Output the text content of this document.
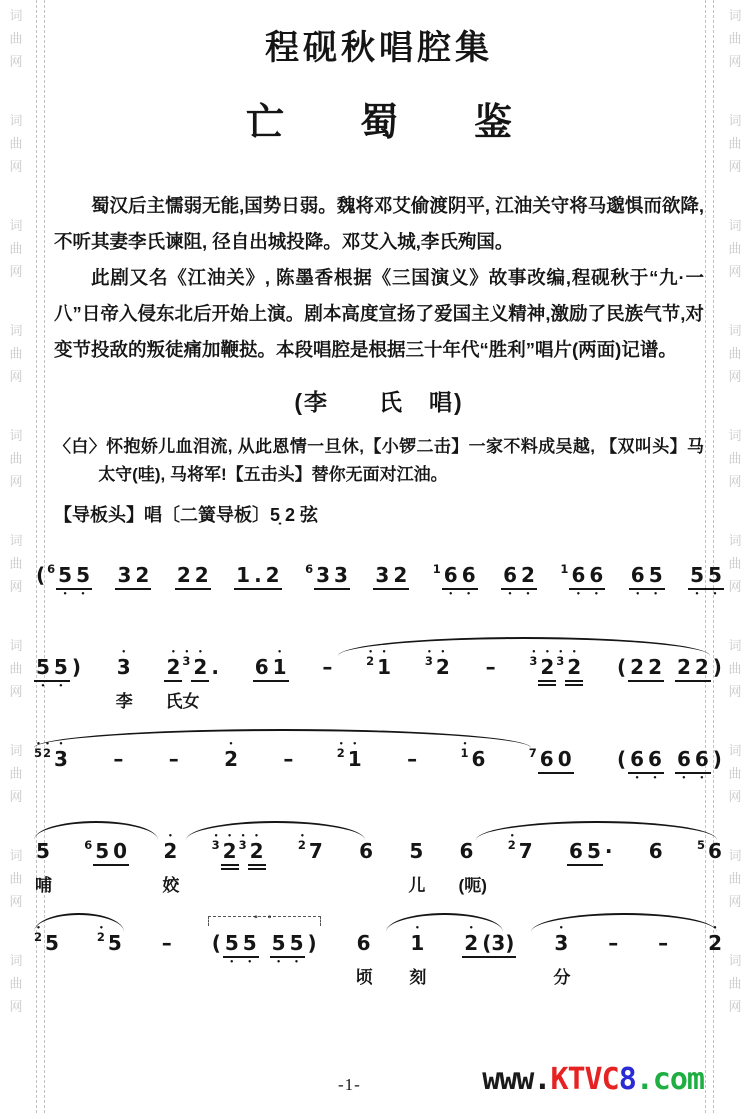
词
曲
网
词
曲
网
词
曲
网
词
曲
网
词
曲
网
词
曲
网
词
曲
网
词
曲
网
词
曲
网
词
曲
网
词
曲
网
词
曲
网
词
曲
网
词
曲
网
词
曲
网
词
曲
网
词
曲
网
词
曲
网
词
曲
网
词
曲
网
程砚秋唱腔集
亡　蜀　鉴

蜀汉后主懦弱无能,国势日弱。魏将邓艾偷渡阴平, 江油关守将马邈惧而欲降,不听其妻李氏谏阻, 径自出城投降。邓艾入城,李氏殉国。

此剧又名《江油关》, 陈墨香根据《三国演义》故事改编,程砚秋于“九·一八”日帝入侵东北后开始上演。剧本高度宣扬了爱国主义精神,激励了民族气节,对变节投敌的叛徒痛加鞭挞。本段唱腔是根据三十年代“胜利”唱片(两面)记谱。

(李　　氏　唱)
〈白〉怀抱娇儿血泪流, 从此恩情一旦休,【小锣二击】一家不料成吴越, 【双叫头】马太守(哇), 马将军!【五击头】替你无面对江油。
【导板头】唱〔二簧导板〕5̣ 2 弦
( 6 5 • 5 • 3 2 2 2 1 . 2 6 3 3 3 2 1 6 • 6 • 6 • 2 • 1 6 • 6 • 6 • 5 • 5 • 5 •
5 • 5 • ) • 3
李
• 2 • 3 • 2 .
氏女
6 • 1 –	• 2 • 1	• 3 • 2 –	• 3 • 2 • 3 • 2 ( 2 2 2 2 )
• 5• 2 • 3 – – • 2 –	• 2 • 1 –	• 1 6	7 6 0 ( 6 • 6 • 6 • 6 • )
5
哺
6 5 0 • 2
姣
• 3 • 2 • 3 • 2	• 2 7 6 5
儿
6
(呃)
• 2 7 6 5 · 6	5 6
• 2 5	• 2 5 –
° °
( 5 • 5 • 5 • 5 • ) 6
顷
• 1
刻
• 2 (3) • 3
分
– – • 2
-1-	www.KTVC8.com
